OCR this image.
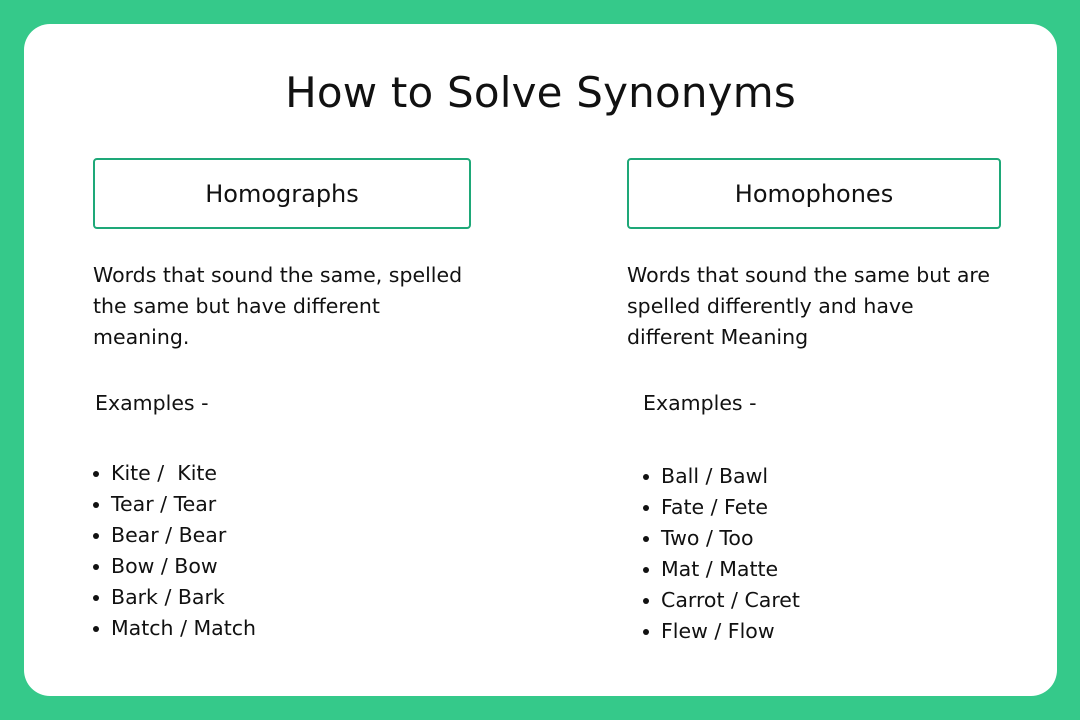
How to Solve Synonyms
Homographs

Words that sound the same, spelled the same but have different meaning.

Examples -

Kite /  Kite
Tear / Tear
Bear / Bear
Bow / Bow
Bark / Bark
Match / Match
Homophones

Words that sound the same but are spelled differently and have different Meaning

Examples -

Ball / Bawl
Fate / Fete
Two / Too
Mat / Matte
Carrot / Caret
Flew / Flow
